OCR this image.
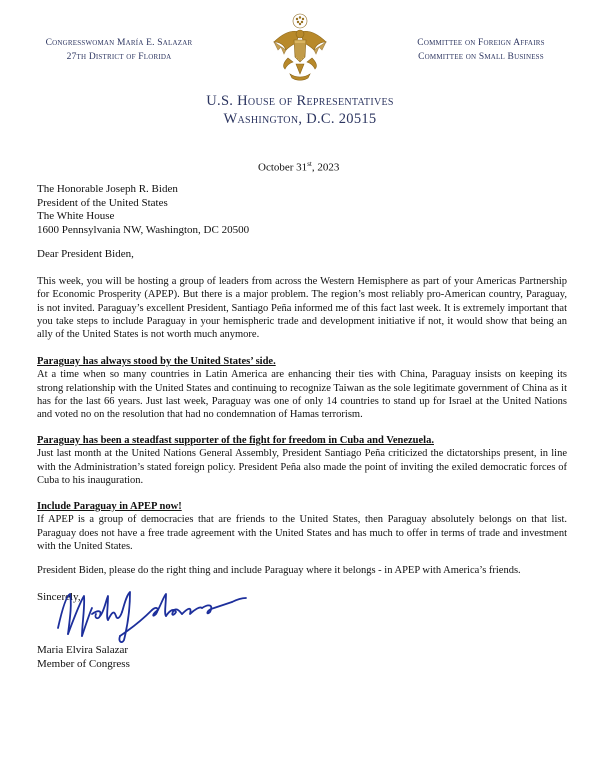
Congresswoman María E. Salazar
27th District of Florida
Committee on Foreign Affairs
Committee on Small Business
U.S. House of Representatives
Washington, D.C. 20515
October 31st, 2023
The Honorable Joseph R. Biden
President of the United States
The White House
1600 Pennsylvania NW, Washington, DC 20500
Dear President Biden,
This week, you will be hosting a group of leaders from across the Western Hemisphere as part of your Americas Partnership for Economic Prosperity (APEP). But there is a major problem. The region’s most reliably pro-American country, Paraguay, is not invited. Paraguay’s excellent President, Santiago Peña informed me of this fact last week. It is extremely important that you take steps to include Paraguay in your hemispheric trade and development initiative if not, it would show that being an ally of the United States is not worth much anymore.
Paraguay has always stood by the United States’ side.
At a time when so many countries in Latin America are enhancing their ties with China, Paraguay insists on keeping its strong relationship with the United States and continuing to recognize Taiwan as the sole legitimate government of China as it has for the last 66 years. Just last week, Paraguay was one of only 14 countries to stand up for Israel at the United Nations and voted no on the resolution that had no condemnation of Hamas terrorism.
Paraguay has been a steadfast supporter of the fight for freedom in Cuba and Venezuela.
Just last month at the United Nations General Assembly, President Santiago Peña criticized the dictatorships present, in line with the Administration’s stated foreign policy. President Peña also made the point of inviting the exiled democratic forces of Cuba to his inauguration.
Include Paraguay in APEP now!
If APEP is a group of democracies that are friends to the United States, then Paraguay absolutely belongs on that list. Paraguay does not have a free trade agreement with the United States and has much to offer in terms of trade and investment with the United States.
President Biden, please do the right thing and include Paraguay where it belongs - in APEP with America’s friends.
Sincerely,
Maria Elvira Salazar
Member of Congress
